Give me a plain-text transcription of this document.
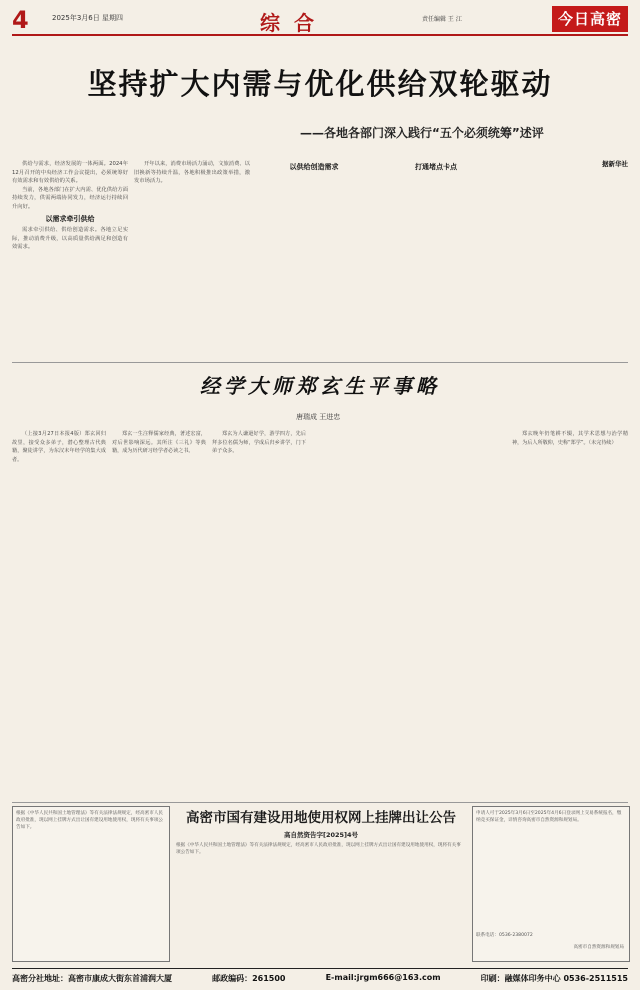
4	2025年3月6日 星期四	综合	责任编辑 王 江	今日高密
坚持扩大内需与优化供给双轮驱动
——各地各部门深入践行“五个必须统筹”述评

供给与需求，经济发展的一体两面。2024年12月召开的中央经济工作会议提出，必须统筹好有效需求和有效供给的关系。

当前，各地各部门在扩大内需、优化供给方面持续发力，供需两端协同发力，经济运行持续回升向好。

以需求牵引供给

需求牵引供给、供给创造需求。各地立足实际，推动消费升级，以高质量供给满足和创造有效需求。

开年以来，消费市场活力涌动，文旅消费、以旧换新等持续升温，各地积极推出政策举措，激发市场活力。

以供给创造需求	打通堵点卡点	据新华社

经学大师郑玄生平事略
唐瑞成 王进忠

（上接3月27日本报4版）郑玄回归故里，接受众多弟子，潜心整理古代典籍，聚徒讲学，为东汉末年经学的集大成者。

郑玄一生注释儒家经典，著述宏富，对后世影响深远。其所注《三礼》等典籍，成为历代研习经学者必读之书。

郑玄为人谦逊好学，游学四方，先后拜多位名儒为师，学成后归乡讲学，门下弟子众多。

郑玄晚年仍笔耕不辍，其学术思想与治学精神，为后人所敬仰，史称“郑学”。（未完待续）

根据《中华人民共和国土地管理法》等有关法律法规规定，经高密市人民政府批准，现以网上挂牌方式出让国有建设用地使用权，现将有关事项公告如下。
高密市国有建设用地使用权网上挂牌出让公告
高自然资告字[2025]4号
根据《中华人民共和国土地管理法》等有关法律法规规定，经高密市人民政府批准，现以网上挂牌方式出让国有建设用地使用权，现将有关事项公告如下。
申请人可于2025年3月6日至2025年4月6日登录网上交易系统报名，缴纳竞买保证金，详情咨询高密市自然资源和规划局。
联系电话：0536-2380072
高密市自然资源和规划局
高密分社地址：高密市康成大街东首浦润大厦	邮政编码：261500	E-mail:jrgm666@163.com	印刷：融媒体印务中心 0536-2511515
